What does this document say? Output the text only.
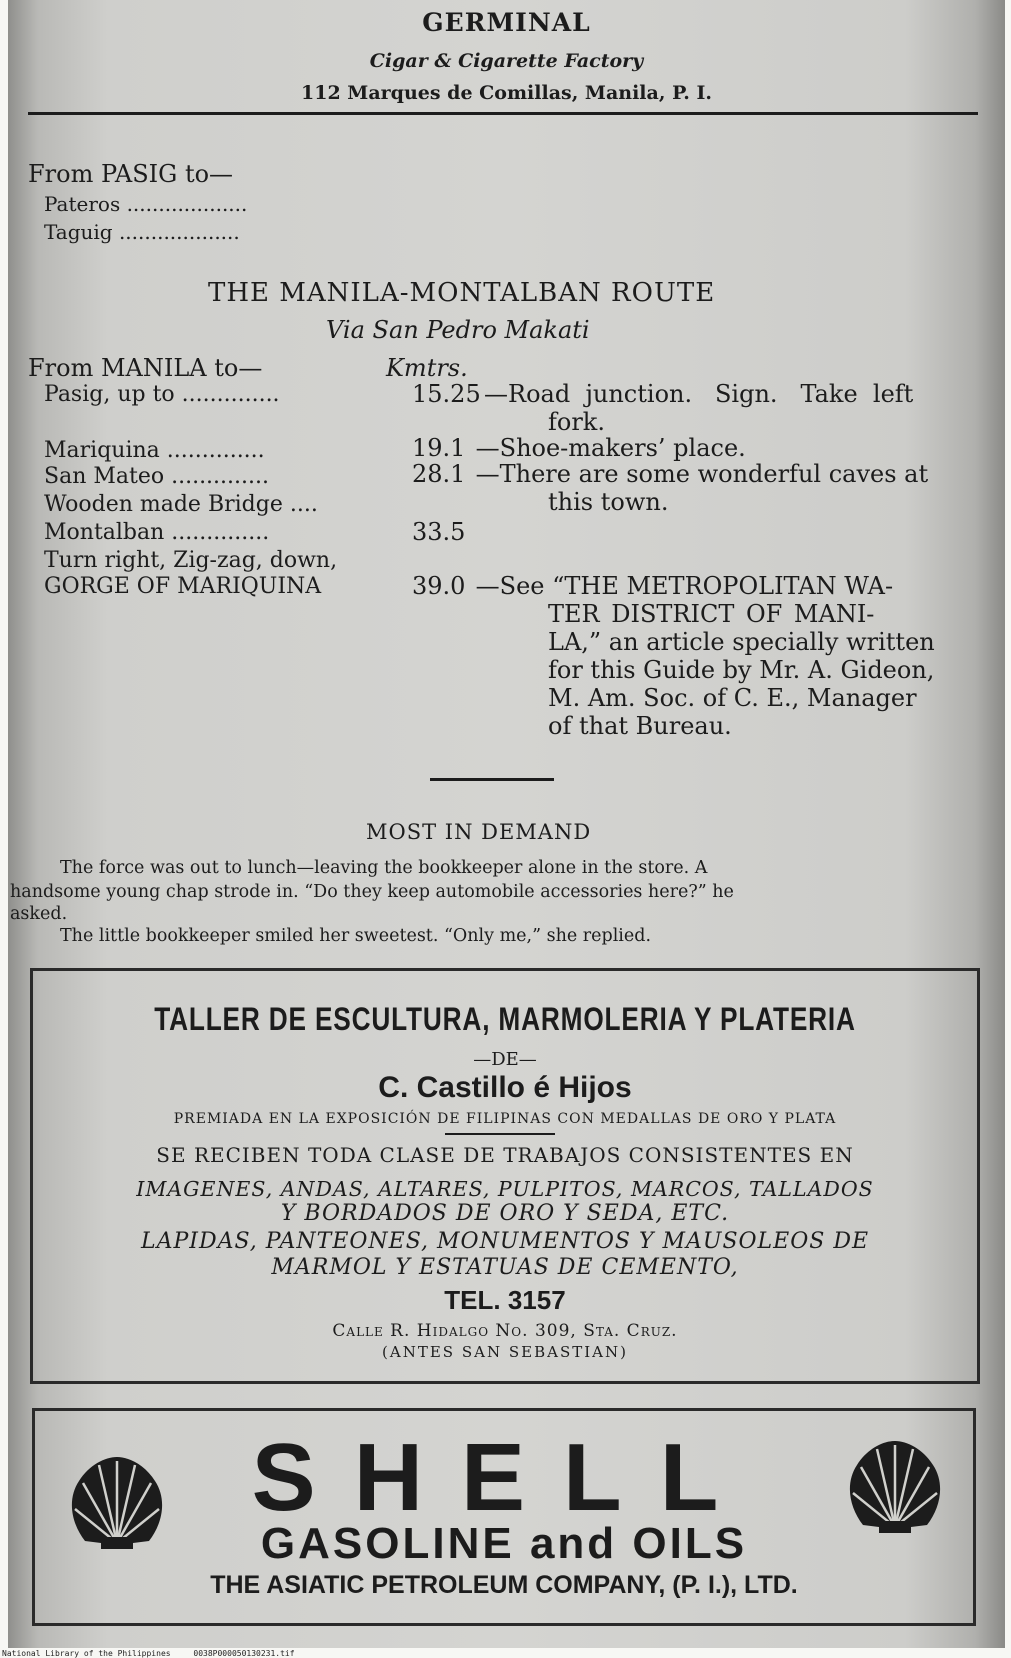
GERMINAL
Cigar & Cigarette Factory
112 Marques de Comillas, Manila, P. I.
From PASIG to—
Pateros ...................
Taguig ...................
THE MANILA-MONTALBAN ROUTE
Via San Pedro Makati
From MANILA to—	Kmtrs.
Pasig, up to ..............	15.25 —Road  junction.   Sign.   Take  left
fork.
Mariquina ..............	19.1 —Shoe-makers’ place.
San Mateo ..............	28.1 —There are some wonderful caves at
this town.
Wooden made Bridge ....
Montalban ..............	33.5
Turn right, Zig-zag, down,
GORGE OF MARIQUINA	39.0 —See “THE METROPOLITAN WA-
TER DISTRICT OF MANI-
LA,” an article specially written
for this Guide by Mr. A. Gideon,
M. Am. Soc. of C. E., Manager
of that Bureau.
MOST IN DEMAND
The force was out to lunch—leaving the bookkeeper alone in the store. A
handsome young chap strode in. “Do they keep automobile accessories here?” he
asked.
The little bookkeeper smiled her sweetest. “Only me,” she replied.
TALLER DE ESCULTURA, MARMOLERIA Y PLATERIA
—DE—
C. Castillo é Hijos
PREMIADA EN LA EXPOSICIÓN DE FILIPINAS CON MEDALLAS DE ORO Y PLATA
SE RECIBEN TODA CLASE DE TRABAJOS CONSISTENTES EN
IMAGENES, ANDAS, ALTARES, PULPITOS, MARCOS, TALLADOS
Y BORDADOS DE ORO Y SEDA, ETC.
LAPIDAS, PANTEONES, MONUMENTOS Y MAUSOLEOS DE
MARMOL Y ESTATUAS DE CEMENTO,
TEL. 3157
Calle R. Hidalgo No. 309, Sta. Cruz.
(ANTES SAN SEBASTIAN)
SHELL
GASOLINE and OILS
THE ASIATIC PETROLEUM COMPANY, (P. I.), LTD.
National Library of the Philippines	0038P000050130231.tif
